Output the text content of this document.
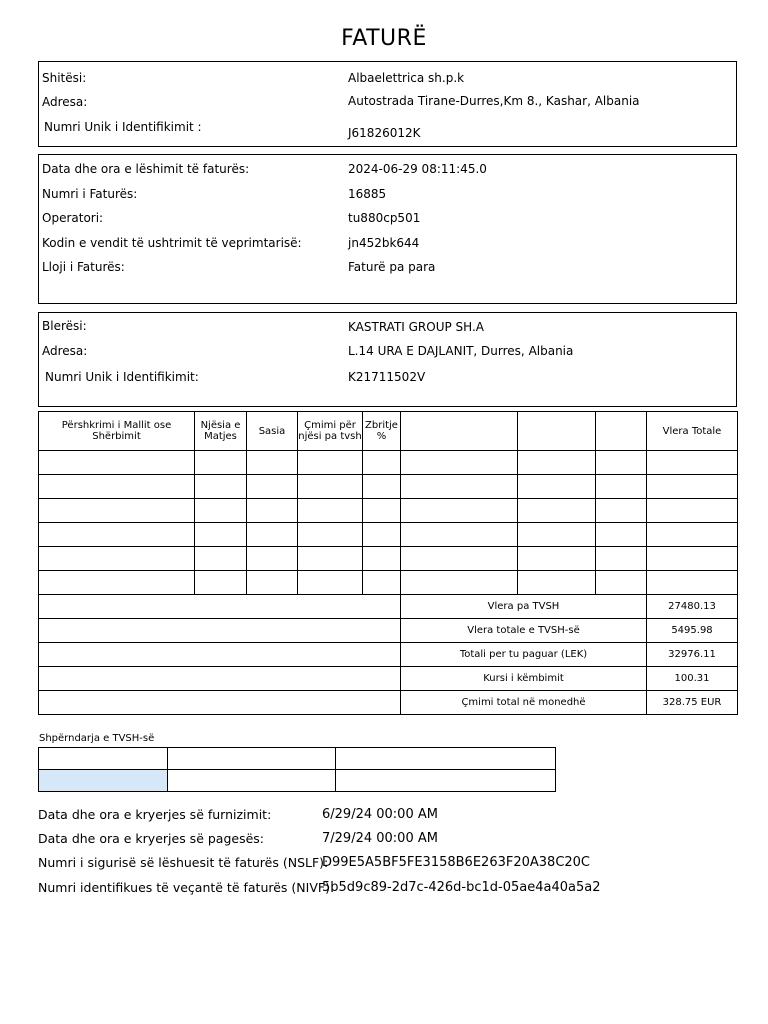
FATURË
Shitësi:	Albaelettrica sh.p.k
Adresa:	Autostrada Tirane-Durres,Km 8., Kashar, Albania
Numri Unik i Identifikimit :	J61826012K
Data dhe ora e lëshimit të faturës:	2024-06-29 08:11:45.0
Numri i Faturës:	16885
Operatori:	tu880cp501
Kodin e vendit të ushtrimit të veprimtarisë:	jn452bk644
Lloji i Faturës:	Faturë pa para
Blerësi:	KASTRATI GROUP SH.A
Adresa:	L.14 URA E DAJLANIT, Durres, Albania
Numri Unik i Identifikimit:	K21711502V
Përshkrimi i Mallit ose Shërbimit	Njësia e Matjes	Sasia	Çmimi për njësi pa tvsh	Zbritje %				Vlera Totale

					Vlera pa TVSH			27480.13
					Vlera totale e TVSH-së			5495.98
					Totali per tu paguar (LEK)			32976.11
					Kursi i këmbimit			100.31
					Çmimi total në monedhë			328.75 EUR
Shpërndarja e TVSH-së

Data dhe ora e kryerjes së furnizimit:	6/29/24 00:00 AM
Data dhe ora e kryerjes së pagesës:	7/29/24 00:00 AM
Numri i sigurisë së lëshuesit të faturës (NSLF):
D99E5A5BF5FE3158B6E263F20A38C20C
Numri identifikues të veçantë të faturës (NIVF):
5b5d9c89-2d7c-426d-bc1d-05ae4a40a5a2
